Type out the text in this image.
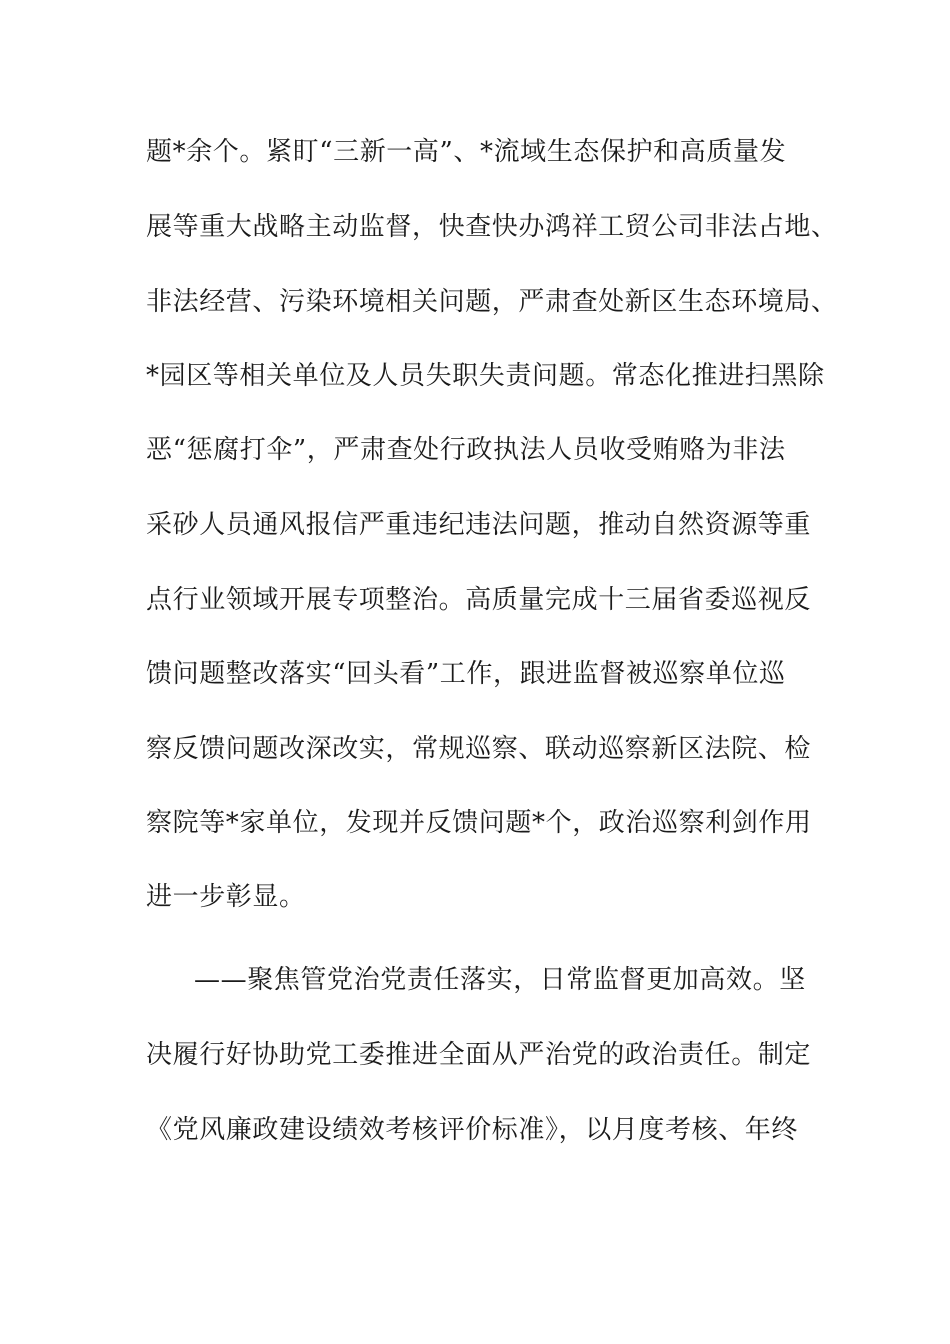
题*余个。紧盯“三新一高”、*流域生态保护和高质量发
展等重大战略主动监督，快查快办鸿祥工贸公司非法占地、
非法经营、污染环境相关问题，严肃查处新区生态环境局、
*园区等相关单位及人员失职失责问题。常态化推进扫黑除
恶“惩腐打伞”，严肃查处行政执法人员收受贿赂为非法
采砂人员通风报信严重违纪违法问题，推动自然资源等重
点行业领域开展专项整治。高质量完成十三届省委巡视反
馈问题整改落实“回头看”工作，跟进监督被巡察单位巡
察反馈问题改深改实，常规巡察、联动巡察新区法院、检
察院等*家单位，发现并反馈问题*个，政治巡察利剑作用
进一步彰显。
——聚焦管党治党责任落实，日常监督更加高效。坚
决履行好协助党工委推进全面从严治党的政治责任。制定
《党风廉政建设绩效考核评价标准》，以月度考核、年终
